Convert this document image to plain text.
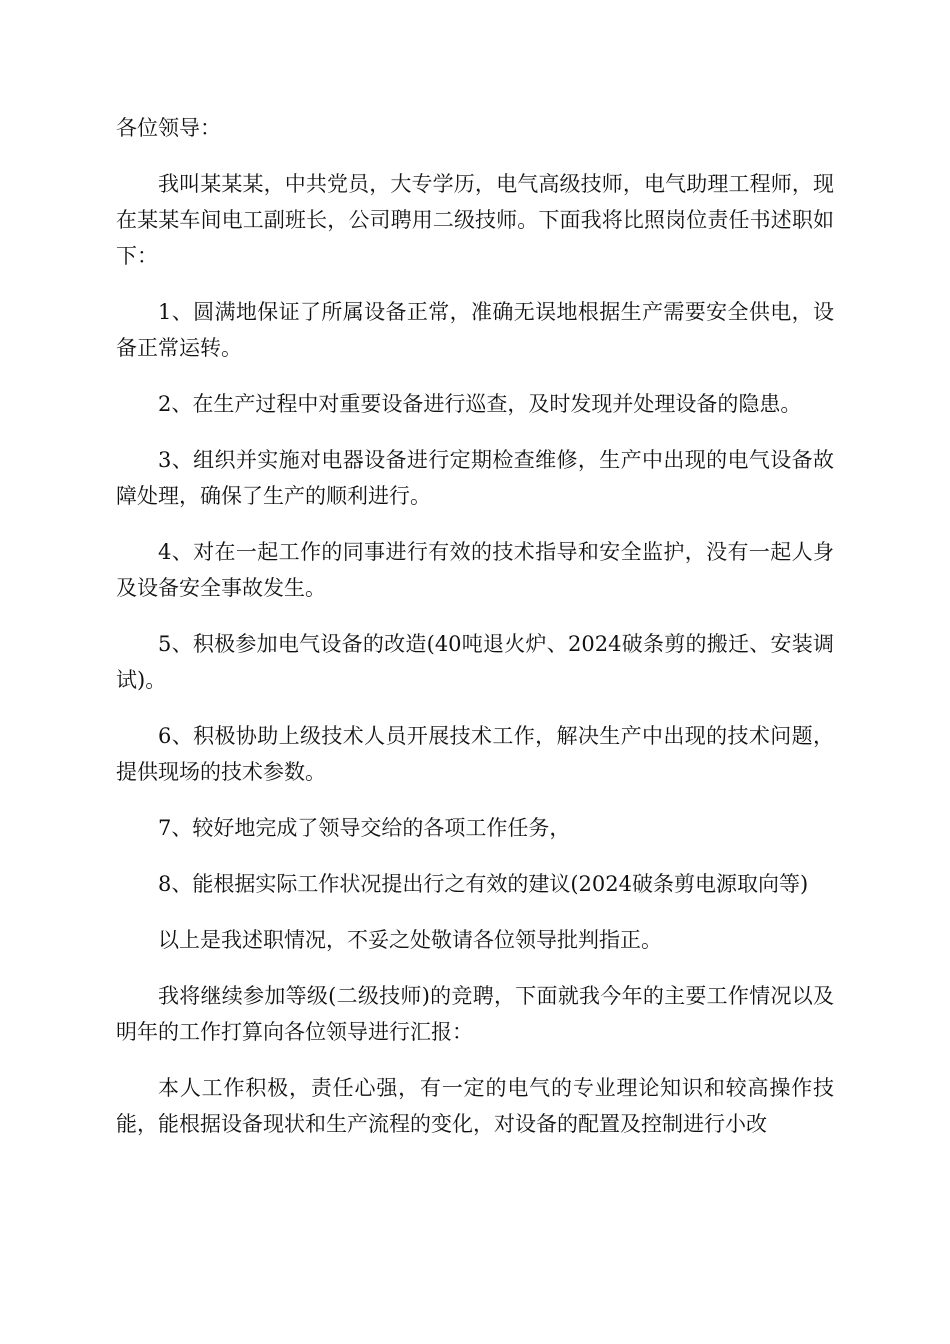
各位领导：

我叫某某某，中共党员，大专学历，电气高级技师，电气助理工程师，现在某某车间电工副班长，公司聘用二级技师。下面我将比照岗位责任书述职如下：

1、圆满地保证了所属设备正常，准确无误地根据生产需要安全供电，设备正常运转。

2、在生产过程中对重要设备进行巡查，及时发现并处理设备的隐患。

3、组织并实施对电器设备进行定期检查维修，生产中出现的电气设备故障处理，确保了生产的顺利进行。

4、对在一起工作的同事进行有效的技术指导和安全监护，没有一起人身及设备安全事故发生。

5、积极参加电气设备的改造(40吨退火炉、2024破条剪的搬迁、安装调试)。

6、积极协助上级技术人员开展技术工作，解决生产中出现的技术问题，提供现场的技术参数。

7、较好地完成了领导交给的各项工作任务，

8、能根据实际工作状况提出行之有效的建议(2024破条剪电源取向等)

以上是我述职情况，不妥之处敬请各位领导批判指正。

我将继续参加等级(二级技师)的竞聘，下面就我今年的主要工作情况以及明年的工作打算向各位领导进行汇报：

本人工作积极，责任心强，有一定的电气的专业理论知识和较高操作技能，能根据设备现状和生产流程的变化，对设备的配置及控制进行小改
